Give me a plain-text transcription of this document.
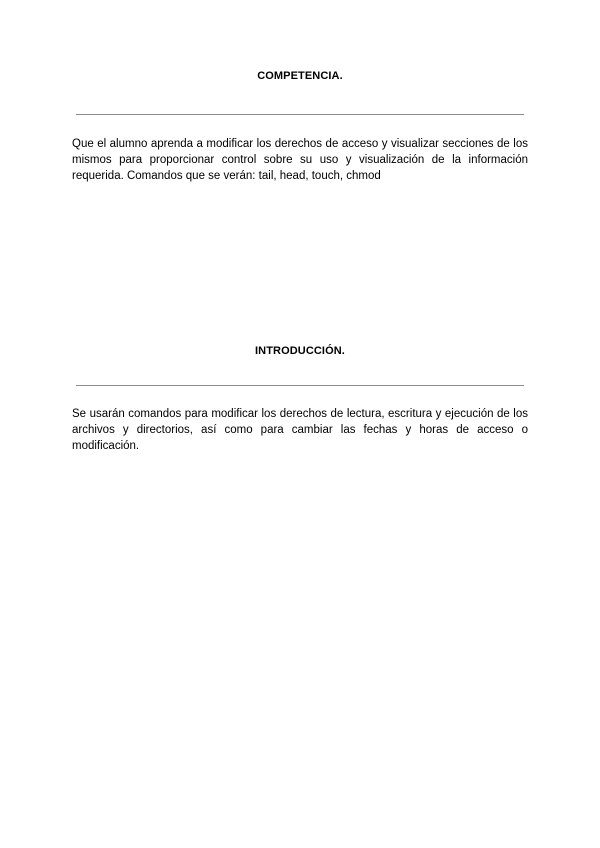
COMPETENCIA.
Que el alumno aprenda a modificar los derechos de acceso y visualizar secciones de los mismos para proporcionar control sobre su uso y visualización de la información requerida. Comandos que se verán: tail, head, touch, chmod
INTRODUCCIÓN.
Se usarán comandos para modificar los derechos de lectura, escritura y ejecución de los archivos y directorios, así como para cambiar las fechas y horas de acceso o modificación.
